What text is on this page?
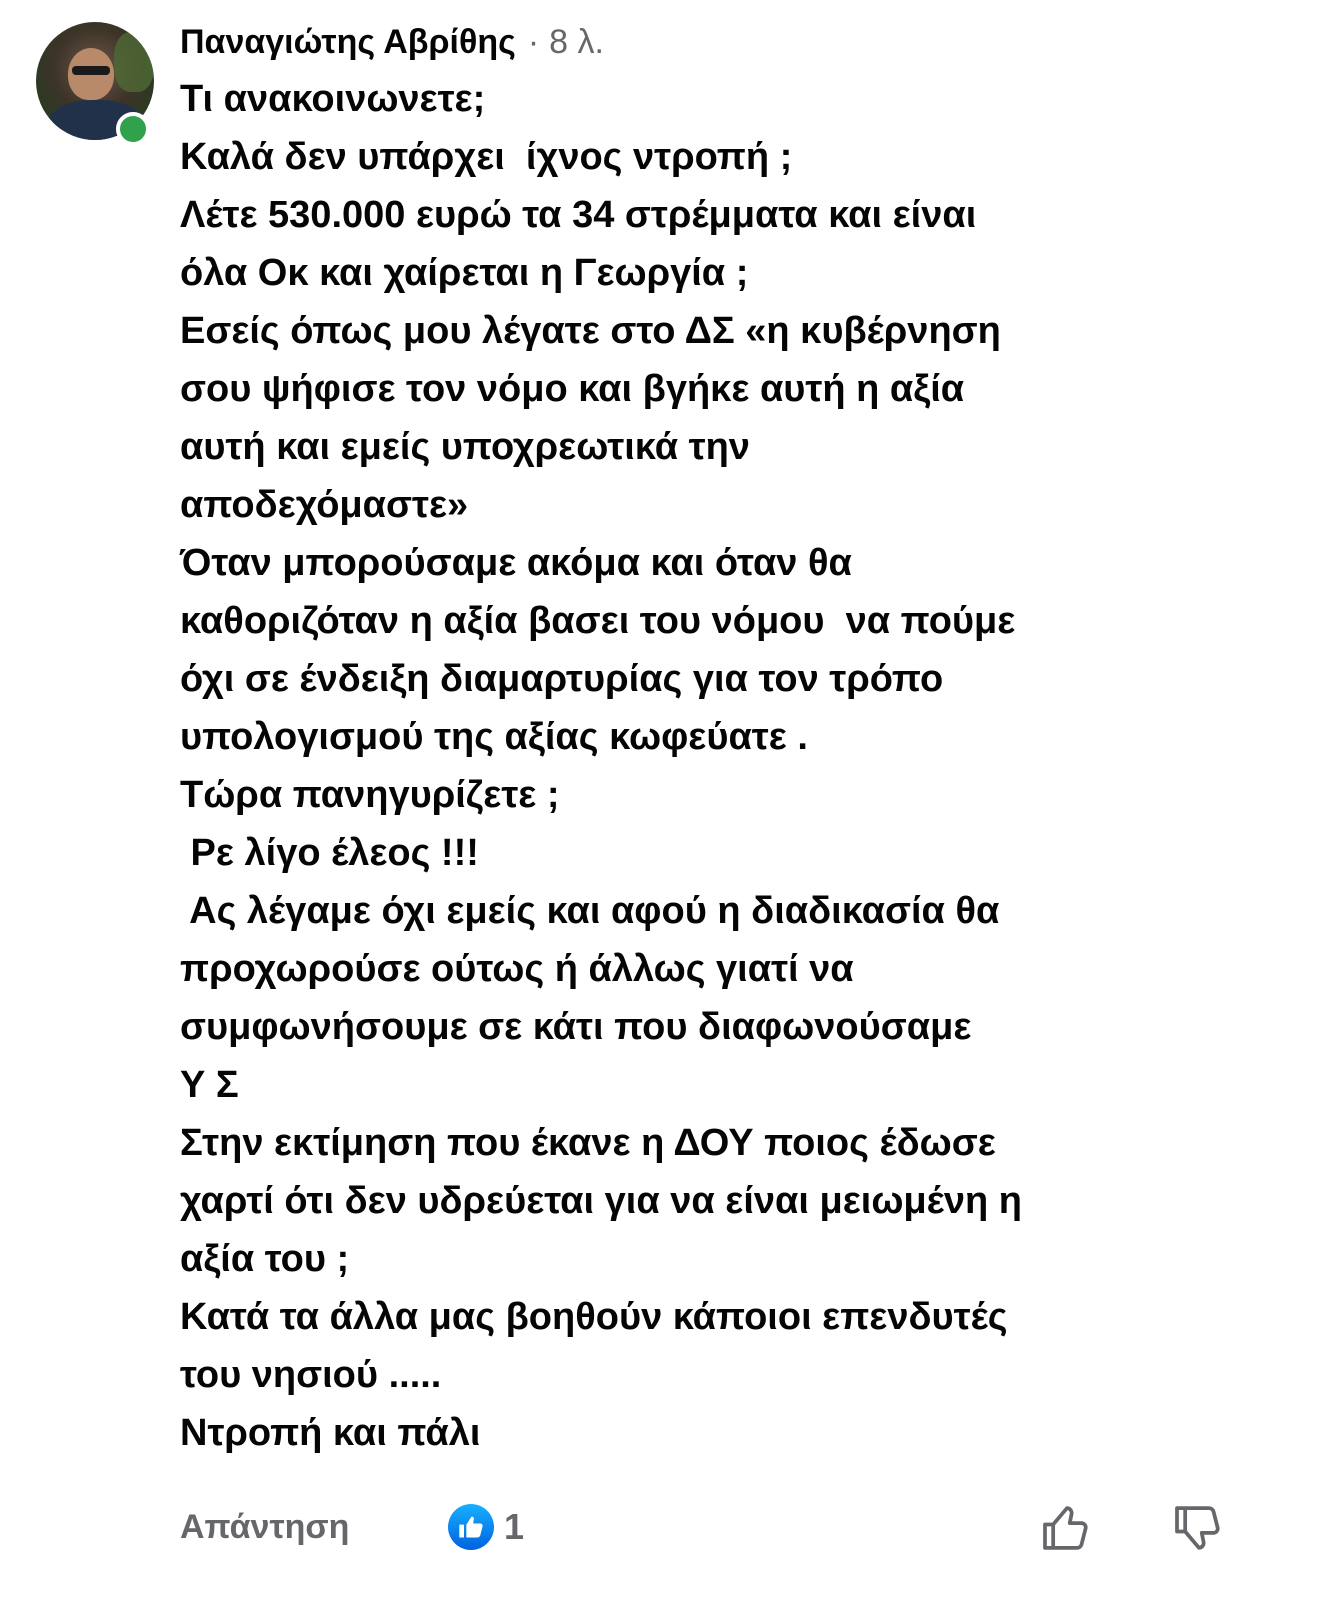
Παναγιώτης Αβρίθης · 8 λ.
Τι ανακοινωνετε;
Καλά δεν υπάρχει  ίχνος ντροπή ;
Λέτε 530.000 ευρώ τα 34 στρέμματα και είναι
όλα Οκ και χαίρεται η Γεωργία ;
Εσείς όπως μου λέγατε στο ΔΣ «η κυβέρνηση
σου ψήφισε τον νόμο και βγήκε αυτή η αξία
αυτή και εμείς υποχρεωτικά την
αποδεχόμαστε»
Όταν μπορούσαμε ακόμα και όταν θα
καθοριζόταν η αξία βασει του νόμου  να πούμε
όχι σε ένδειξη διαμαρτυρίας για τον τρόπο
υπολογισμού της αξίας κωφεύατε .
Τώρα πανηγυρίζετε ;
Ρε λίγο έλεος !!!
Ας λέγαμε όχι εμείς και αφού η διαδικασία θα
προχωρούσε ούτως ή άλλως γιατί να
συμφωνήσουμε σε κάτι που διαφωνούσαμε
Υ Σ
Στην εκτίμηση που έκανε η ΔΟΥ ποιος έδωσε
χαρτί ότι δεν υδρεύεται για να είναι μειωμένη η
αξία του ;
Κατά τα άλλα μας βοηθούν κάποιοι επενδυτές
του νησιού .....
Ντροπή και πάλι
Απάντηση	1
